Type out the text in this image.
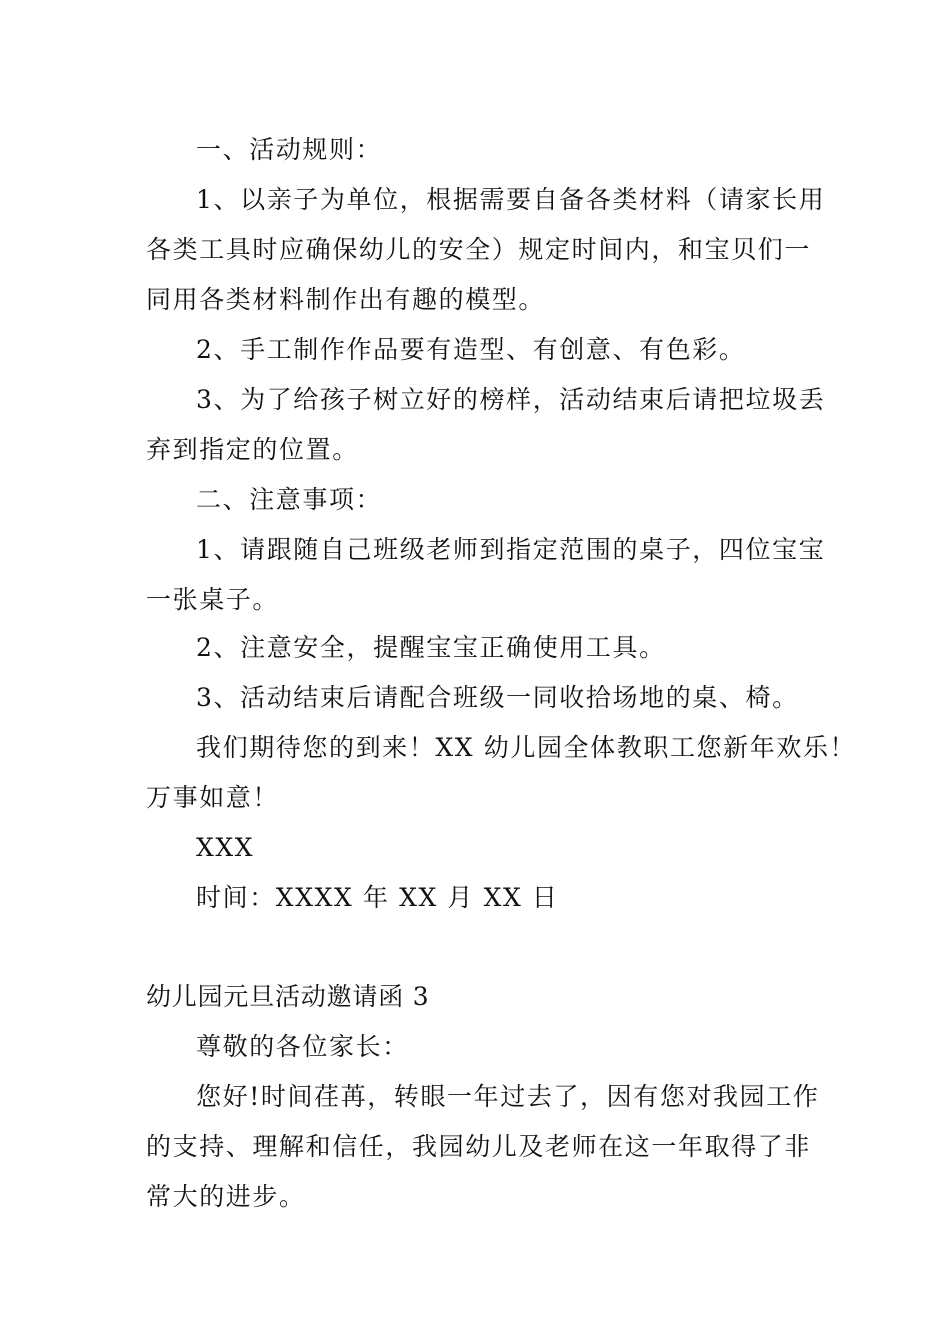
一、活动规则：
1、以亲子为单位，根据需要自备各类材料（请家长用
各类工具时应确保幼儿的安全）规定时间内，和宝贝们一
同用各类材料制作出有趣的模型。
2、手工制作作品要有造型、有创意、有色彩。
3、为了给孩子树立好的榜样，活动结束后请把垃圾丢
弃到指定的位置。
二、注意事项：
1、请跟随自己班级老师到指定范围的桌子，四位宝宝
一张桌子。
2、注意安全，提醒宝宝正确使用工具。
3、活动结束后请配合班级一同收拾场地的桌、椅。
我们期待您的到来！XX 幼儿园全体教职工您新年欢乐！
万事如意！
XXX
时间：XXXX 年 XX 月 XX 日
幼儿园元旦活动邀请函 3
尊敬的各位家长：
您好!时间荏苒，转眼一年过去了，因有您对我园工作
的支持、理解和信任，我园幼儿及老师在这一年取得了非
常大的进步。
